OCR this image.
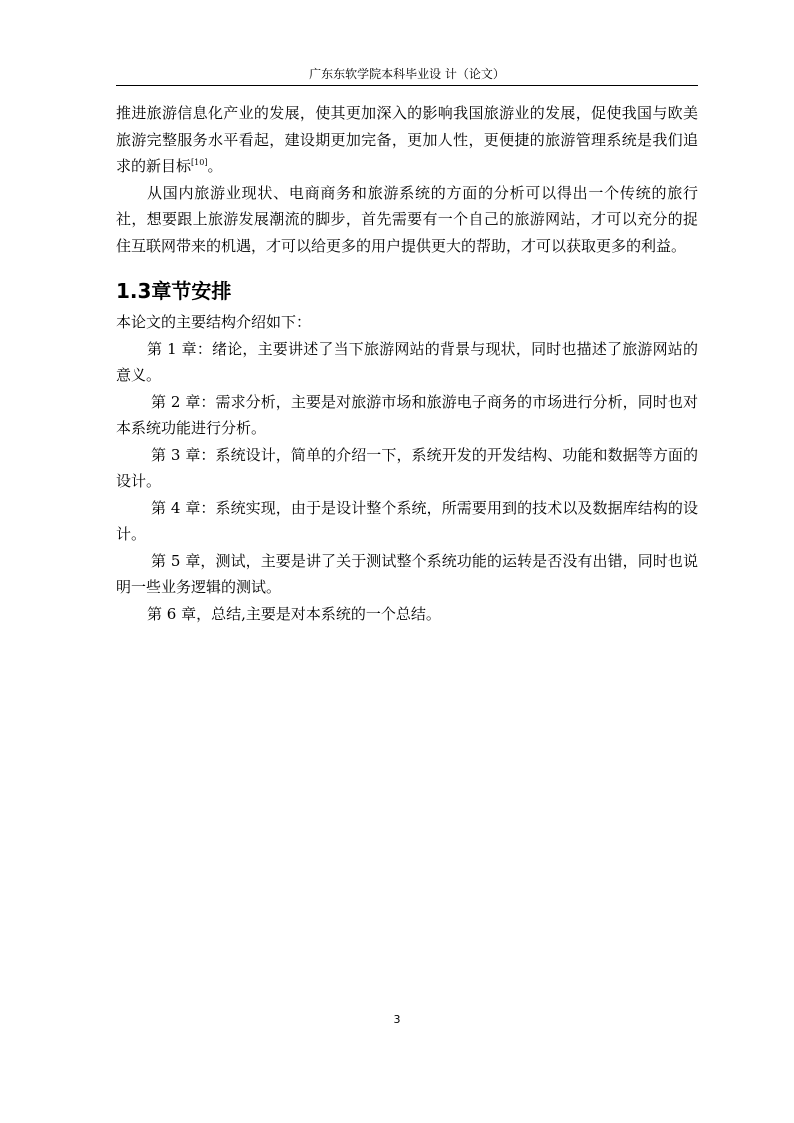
广东东软学院本科毕业设 计（论文）

推进旅游信息化产业的发展，使其更加深入的影响我国旅游业的发展，促使我国与欧美旅游完整服务水平看起，建设期更加完备，更加人性，更便捷的旅游管理系统是我们追求的新目标[10]。

从国内旅游业现状、电商商务和旅游系统的方面的分析可以得出一个传统的旅行社，想要跟上旅游发展潮流的脚步，首先需要有一个自己的旅游网站，才可以充分的捉住互联网带来的机遇，才可以给更多的用户提供更大的帮助，才可以获取更多的利益。

1.3章节安排

本论文的主要结构介绍如下：

第 1 章：绪论，主要讲述了当下旅游网站的背景与现状，同时也描述了旅游网站的意义。

第 2 章：需求分析，主要是对旅游市场和旅游电子商务的市场进行分析，同时也对本系统功能进行分析。

第 3 章：系统设计，简单的介绍一下，系统开发的开发结构、功能和数据等方面的设计。

第 4 章：系统实现，由于是设计整个系统，所需要用到的技术以及数据库结构的设计。

第 5 章，测试，主要是讲了关于测试整个系统功能的运转是否没有出错，同时也说明一些业务逻辑的测试。

第 6 章，总结,主要是对本系统的一个总结。

3
